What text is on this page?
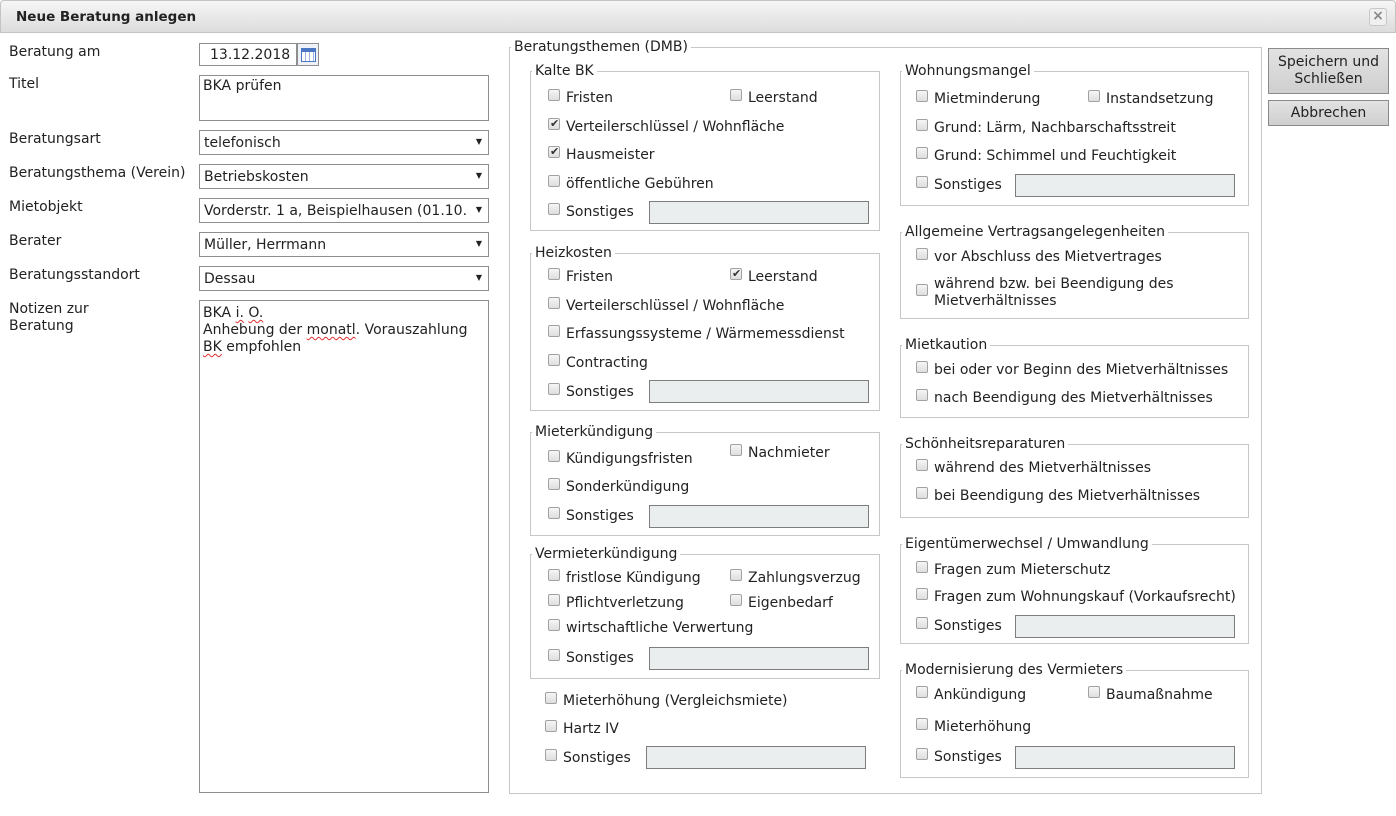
Neue Beratung anlegen	×
Beratung am	13.12.2018
Titel	BKA prüfen
Beratungsart	telefonisch	▼
Beratungsthema (Verein)	Betriebskosten	▼
Mietobjekt	Vorderstr. 1 a, Beispielhausen (01.10.	▼
Berater	Müller, Herrmann	▼
Beratungsstandort	Dessau	▼
Notizen zur
Beratung
BKA i. O.
Anhebung der monatl. Vorauszahlung
BK empfohlen
Beratungsthemen (DMB)
Kalte BK
Fristen	Leerstand
✔
Verteilerschlüssel / Wohnfläche
✔
Hausmeister
öffentliche Gebühren
Sonstiges
Heizkosten
Fristen
✔	Leerstand
Verteilerschlüssel / Wohnfläche
Erfassungssysteme / Wärmemessdienst
Contracting
Sonstiges
Mieterkündigung
Kündigungsfristen	Nachmieter
Sonderkündigung
Sonstiges
Vermieterkündigung
fristlose Kündigung	Zahlungsverzug
Pflichtverletzung	Eigenbedarf
wirtschaftliche Verwertung
Sonstiges
Mieterhöhung (Vergleichsmiete)
Hartz IV
Sonstiges
Wohnungsmangel
Mietminderung	Instandsetzung
Grund: Lärm, Nachbarschaftsstreit
Grund: Schimmel und Feuchtigkeit
Sonstiges
Allgemeine Vertragsangelegenheiten
vor Abschluss des Mietvertrages
während bzw. bei Beendigung des
Mietverhältnisses
Mietkaution
bei oder vor Beginn des Mietverhältnisses
nach Beendigung des Mietverhältnisses
Schönheitsreparaturen
während des Mietverhältnisses
bei Beendigung des Mietverhältnisses
Eigentümerwechsel / Umwandlung
Fragen zum Mieterschutz
Fragen zum Wohnungskauf (Vorkaufsrecht)
Sonstiges
Modernisierung des Vermieters
Ankündigung	Baumaßnahme
Mieterhöhung
Sonstiges
Speichern und
Schließen
Abbrechen
